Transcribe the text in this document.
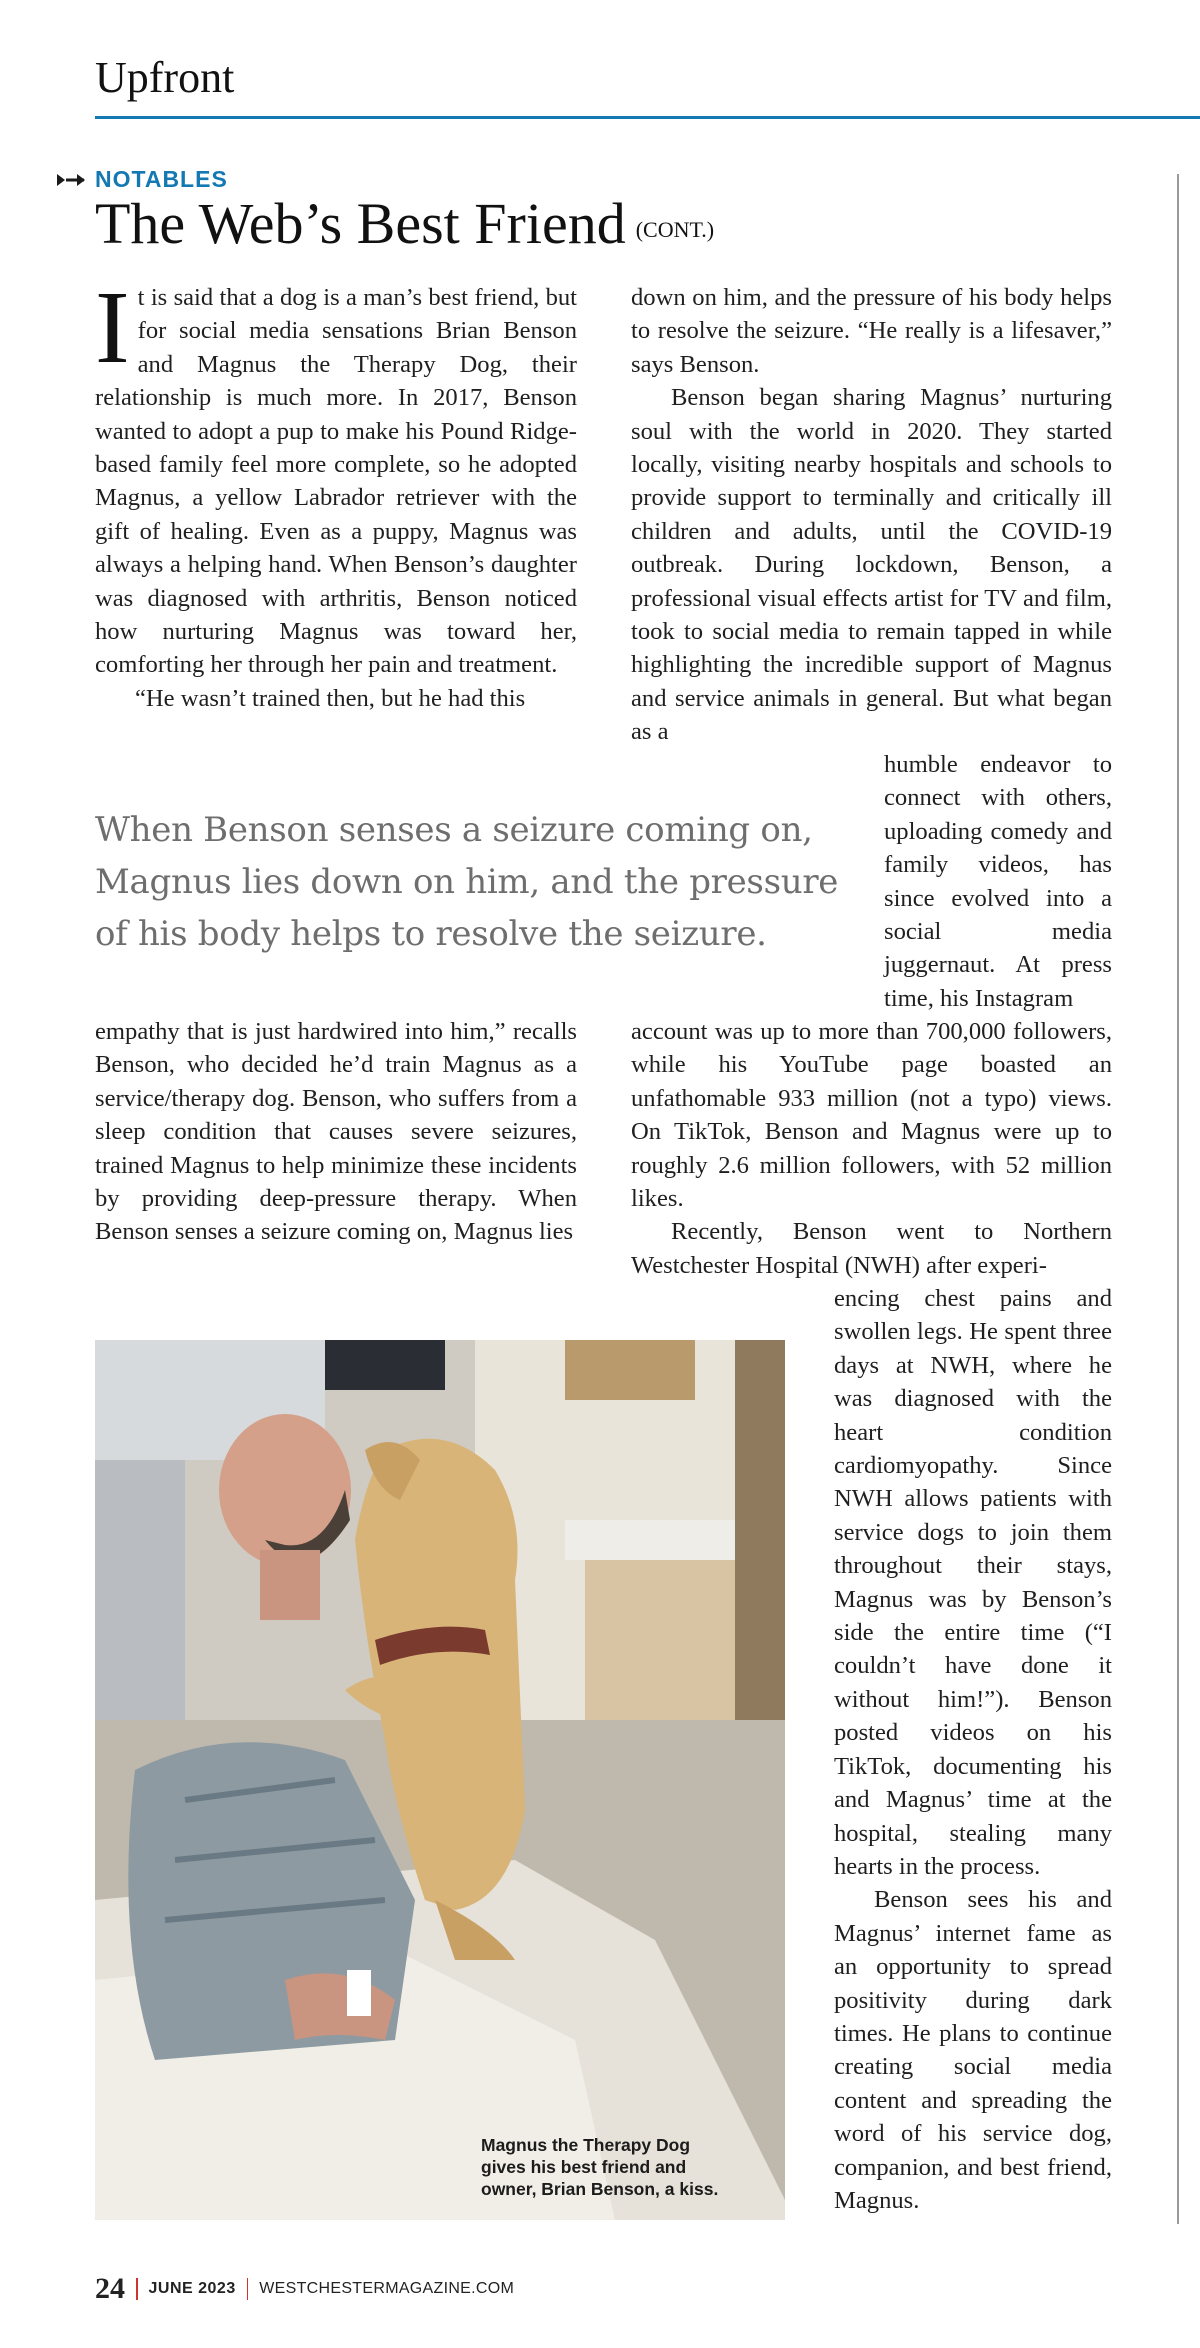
Upfront
NOTABLES
The Web’s Best Friend (CONT.)

It is said that a dog is a man’s best friend, but for social media sensations Brian Benson and Magnus the Therapy Dog, their relationship is much more. In 2017, Benson wanted to adopt a pup to make his Pound Ridge-based family feel more complete, so he adopted Magnus, a yellow Labrador retriever with the gift of healing. Even as a puppy, Magnus was always a helping hand. When Benson’s daughter was diagnosed with arthritis, Benson noticed how nurturing Magnus was toward her, comforting her through her pain and treatment.

“He wasn’t trained then, but he had this

down on him, and the pressure of his body helps to resolve the seizure. “He really is a lifesaver,” says Benson.

Benson began sharing Magnus’ nurturing soul with the world in 2020. They started locally, visiting nearby hospitals and schools to provide support to terminally and critically ill children and adults, until the COVID-19 outbreak. During lockdown, Benson, a professional visual effects artist for TV and film, took to social media to remain tapped in while highlighting the incredible support of Magnus and service animals in general. But what began as a

humble endeavor to connect with others, uploading comedy and family videos, has since evolved into a social media juggernaut. At press time, his Instagram

When Benson senses a seizure coming on, Magnus lies down on him, and the pressure of his body helps to resolve the seizure.

empathy that is just hardwired into him,” recalls Benson, who decided he’d train Magnus as a service/therapy dog. Benson, who suffers from a sleep condition that causes severe seizures, trained Magnus to help minimize these incidents by providing deep-pressure therapy. When Benson senses a seizure coming on, Magnus lies

account was up to more than 700,000 followers, while his YouTube page boasted an unfathomable 933 million (not a typo) views. On TikTok, Benson and Magnus were up to roughly 2.6 million followers, with 52 million likes.

Recently, Benson went to Northern Westchester Hospital (NWH) after experi-

encing chest pains and swollen legs. He spent three days at NWH, where he was diagnosed with the heart condition cardiomyopathy. Since NWH allows patients with service dogs to join them throughout their stays, Magnus was by Benson’s side the entire time (“I couldn’t have done it without him!”). Benson posted videos on his TikTok, documenting his and Magnus’ time at the hospital, stealing many hearts in the process.

Benson sees his and Magnus’ internet fame as an opportunity to spread positivity during dark times. He plans to continue creating social media content and spreading the word of his service dog, companion, and best friend, Magnus.

Magnus the Therapy Dog gives his best friend and owner, Brian Benson, a kiss.
24 JUNE 2023 WESTCHESTERMAGAZINE.COM
